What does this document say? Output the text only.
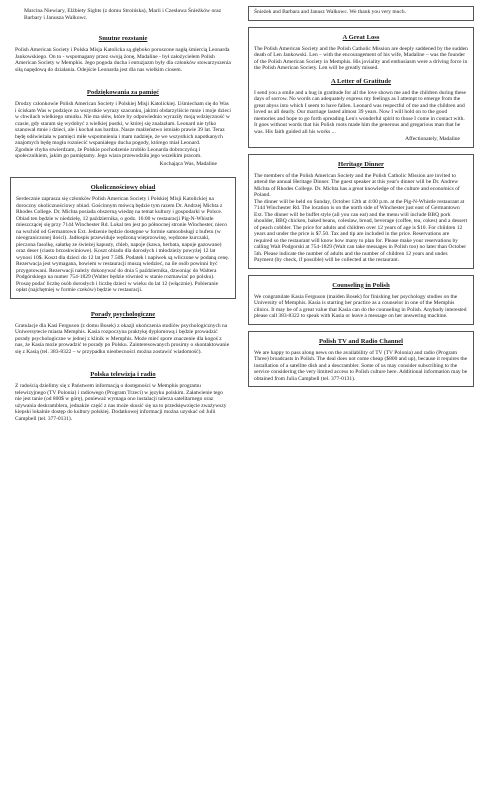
Marcina Niewiary, Elżbiety Sights (z domu Stroińska), Marii i Czesława Śnieżków oraz Barbary i Janusza Walkowc.
Smutne rozstanie

Polish American Society i Polska Misja Katolicka są głęboko poruszone nagłą śmiercią Leonarda Jankowskiego. On to - wspomagany przez swoją żonę, Madaline - był założycielem Polish American Society w Memphis. Jego pogoda ducha i entuzjazm były dla członków stowarzyszenia siłą napędową do działania. Odejście Leonarda jest dla nas wielkim ciosem.

Podziękowania za pamięć

Drodzy członkowie Polish American Society i Polskiej Misji Katolickiej. Uśmiecham się do Was i ściskam Was w podzięce za wszystkie wyrazy szacunku, jakimi obdarzyliście mnie i moje dzieci w chwilach wielkiego smutku. Nie ma słów, które by odpowiednio wyraziły moją wdzięczność w czasie, gdy staram się wydobyć z wielkiej pustki, w której się znalazłam. Leonard nie tylko szanował mnie i dzieci, ale i kochał nas bardzo. Nasze małżeństwo istniało prawie 39 lat. Teraz będę odświeżała w pamięci miłe wspomnienia i mam nadzieje, że we wszystkich napotkanych znajomych będę mogła rozniecić wspaniałego ducha pogody, którego miał Leonard.
Zgodnie chyba stwierdzam, że Polskie pochodzenie zrobiło Leonarda dobroczyńcą i społecznikiem, jakim go pamiętamy. Jego wiara przewodziła jego wszelkim pracom.

Kochająca Was, Madaline
Okolicznościowy obiad

Serdecznie zaprasza się członków Polish American Society i Polskiej Misji Katolickiej na doroczny okolicznościowy obiad. Gościnnym mówcą będzie tym razem Dr. Andrzej Michta z Rhodes College. Dr. Michta posiada obszerną wiedzę na temat kultury i gospodarki w Polsce.
Obiad ten będzie w niedzielę, 12 października, o godz. 16:00 w restauracji Pig-N-Whistle mieszczącej się przy 7144 Winchester Rd. Lokal ten jest po północnej stronie Winchester, nieco na wschód od Germantown Ext. Jedzenie będzie dostępne w formie samoobsługi z bufetu (w nieograniczonej ilości). Jadłospis przewiduje wędzoną wieprzowinę, wędzone kurczaki, pieczona fasolkę, sałatkę ze świeżej kapusty, chleb, napoje (kawa, herbata, napoje gazowane) oraz deser (ciasto brzoskwiniowe). Koszt obiadu dla dorosłych i młodzieży powyżej 12 lat wynosi 10$. Koszt dla dzieci do 12 lat jest 7.50$. Podatek i napiwek są wliczone w podaną cenę.
Rezerwacja jest wymagana, bowiem w restauracji muszą wiedzieć, na ile osób powinni być przygotowani. Rezerwacji należy dokonywać do dnia 5 października, dzwoniąc do Waltera Podgórskiego na numer 754-1829 (Walter będzie również w stanie rozmawiać po polsku). Proszę podać liczbę osób dorosłych i liczbę dzieci w wieku do lat 12 (włącznie). Pobieranie opłat (najchętniej w formie czeków) będzie w restauracji.

Porady psychologiczne

Gratulacje dla Kasi Ferguson (z domu Bosek) z okazji ukończenia studiów psychologicznych na Uniwersytecie miasta Memphis. Kasia rozpoczyna praktykę dyplomową i będzie prowadzić porady psychologiczne w jednej z klinik w Memphis. Może mieć spore znaczenie dla kogoś z nas, że Kasia może prowadzić te porady po Polsku. Zainteresowanych prosimy o skontaktowanie się z Kasią (tel. 383-8322 – w przypadku nieobecności można zostawić wiadomość).

Polska telewizja i radio

Z radością dzielimy się z Państwem informacją o dostępności w Memphis programu telewizyjnego (TV Polonia) i radiowego (Program Trzeci) w języku polskim. Załatwienie tego nie jest tanie (od 800$ w górę), ponieważ wymaga ono instalacji talerza satelitarnego oraz używania deskramblera, jednakże część z nas może skusić się na to przedsięwzięcie zważywszy kiepski lokalnie dostęp do kultury polskiej. Dodatkowej informacji można uzyskać od Julii Campbell (tel. 377-0131).

Śnieżek and Barbara and Janusz Walkowc. We thank you very much.

A Great Loss

The Polish American Society and the Polish Catholic Mission are deeply saddened by the sudden death of Len Jankowski. Len – with the encouragement of his wife, Madaline – was the founder of the Polish American Society in Memphis. His joviality and enthusiasm were a driving force in the Polish American Society. Len will be greatly missed.

A Letter of Gratitude

I send you a smile and a hug in gratitude for all the love shown me and the children during these days of sorrow. No words can adequately express my feelings as I attempt to emerge from the great abyss into which I seem to have fallen. Leonard was respectful of me and the children and loved us all dearly. Our marriage lasted almost 39 years. Now I will hold on to the good memories and hope to go forth spreading Len's wonderful spirit to those I come in contact with. It goes without words that his Polish roots made him the generous and gregarious man that he was. His faith guided all his works ...

Affectionately, Madaline
Heritage Dinner

The members of the Polish American Society and the Polish Catholic Mission are invited to attend the annual Heritage Dinner. The guest speaker at this year's dinner will be Dr. Andrew Michta of Rhodes College. Dr. Michta has a great knowledge of the culture and economics of Poland.
The dinner will be held on Sunday, October 12th at 4:00 p.m. at the Pig-N-Whistle restaurant at 7144 Winchester Rd. The location is on the north side of Winchester just east of Germantown Ext. The dinner will be buffet style (all you can eat) and the menu will include BBQ pork shoulder, BBQ chicken, baked beans, coleslaw, bread, beverage (coffee, tea, cokes) and a dessert of peach cobbler. The price for adults and children over 12 years of age is $10. For children 12 years and under the price is $7.50. Tax and tip are included in the price. Reservations are required so the restaurant will know how many to plan for. Please make your reservations by calling Walt Podgorski at 754-1829 (Walt can take messages in Polish too) no later than October 5th. Please indicate the number of adults and the number of children 12 years and under. Payment (by check, if possible) will be collected at the restaurant.

Counseling in Polish

We congratulate Kasia Ferguson (maiden Bosek) for finishing her psychology studies on the University of Memphis. Kasia is starting her practice as a counselor in one of the Memphis clinics. It may be of a great value that Kasia can do the counseling in Polish. Anybody interested please call 383-8322 to speak with Kasia or leave a message on her answering machine.

Polish TV and Radio Channel

We are happy to pass along news on the availability of TV (TV Polonia) and radio (Program Three) broadcasts in Polish. The deal does not come cheap ($800 and up), because it requires the installation of a satellite dish and a descrambler. Some of us may consider subscribing to the service considering the very limited access to Polish culture here. Additional information may be obtained from Julia Campbell (tel. 377-0131).
